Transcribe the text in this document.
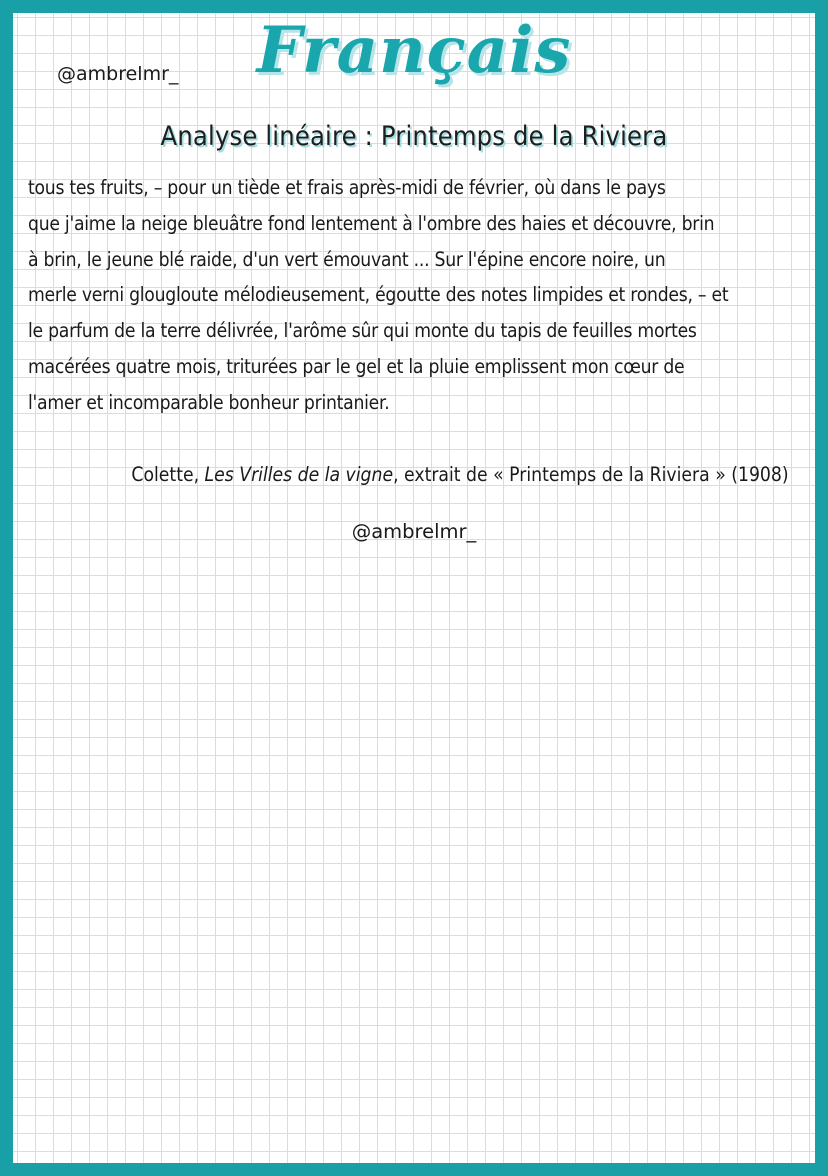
@ambrelmr_	Français
Analyse linéaire : Printemps de la Riviera
tous tes fruits, – pour un tiède et frais après-midi de février, où dans le pays
que j'aime la neige bleuâtre fond lentement à l'ombre des haies et découvre, brin
à brin, le jeune blé raide, d'un vert émouvant ... Sur l'épine encore noire, un
merle verni glougloute mélodieusement, égoutte des notes limpides et rondes, – et
le parfum de la terre délivrée, l'arôme sûr qui monte du tapis de feuilles mortes
macérées quatre mois, triturées par le gel et la pluie emplissent mon cœur de
l'amer et incomparable bonheur printanier.
Colette, Les Vrilles de la vigne, extrait de « Printemps de la Riviera » (1908)
@ambrelmr_
